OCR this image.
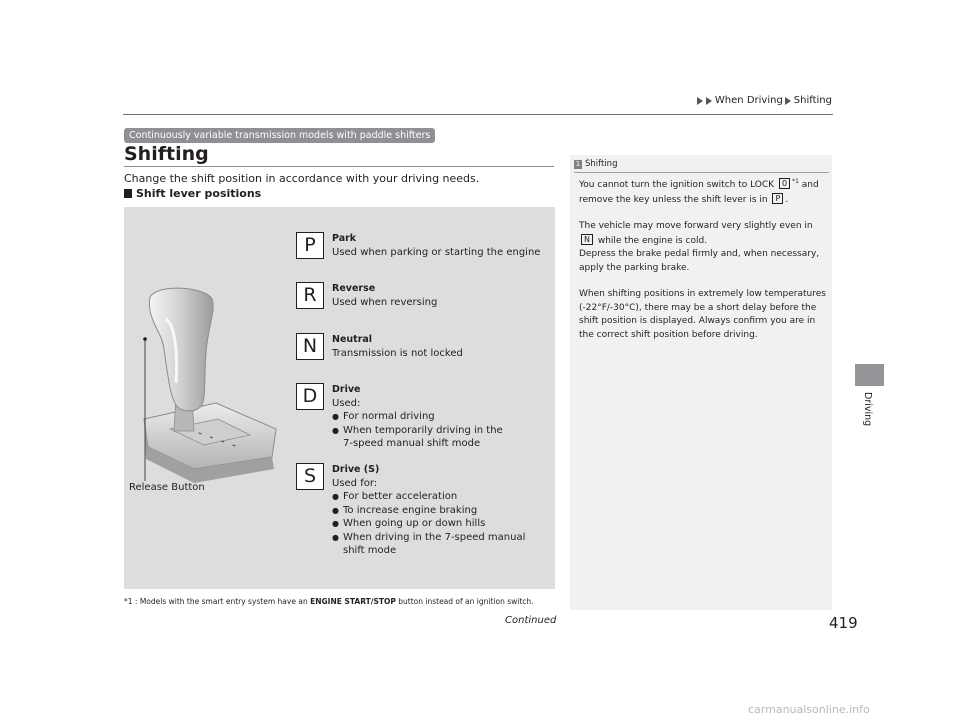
When Driving Shifting
Driving
Continuously variable transmission models with paddle shifters
Shifting
Change the shift position in accordance with your driving needs.
Shift lever positions
Release Button
P	Park
Used when parking or starting the engine
R	Reverse
Used when reversing
N	Neutral
Transmission is not locked
D	Drive
Used:
● For normal driving
● When temporarily driving in the
7-speed manual shift mode
S	Drive (S)
Used for:
● For better acceleration
● To increase engine braking
● When going up or down hills
● When driving in the 7-speed manual
shift mode
*1 : Models with the smart entry system have an ENGINE START/STOP button instead of an ignition switch.
Continued	419
1 Shifting

You cannot turn the ignition switch to LOCK 0 $^{*1}$ and remove the key unless the shift lever is in P .

The vehicle may move forward very slightly even in N while the engine is cold.
Depress the brake pedal firmly and, when necessary, apply the parking brake.

When shifting positions in extremely low temperatures (-22°F/-30°C), there may be a short delay before the shift position is displayed. Always confirm you are in the correct shift position before driving.

carmanualsonline.info
